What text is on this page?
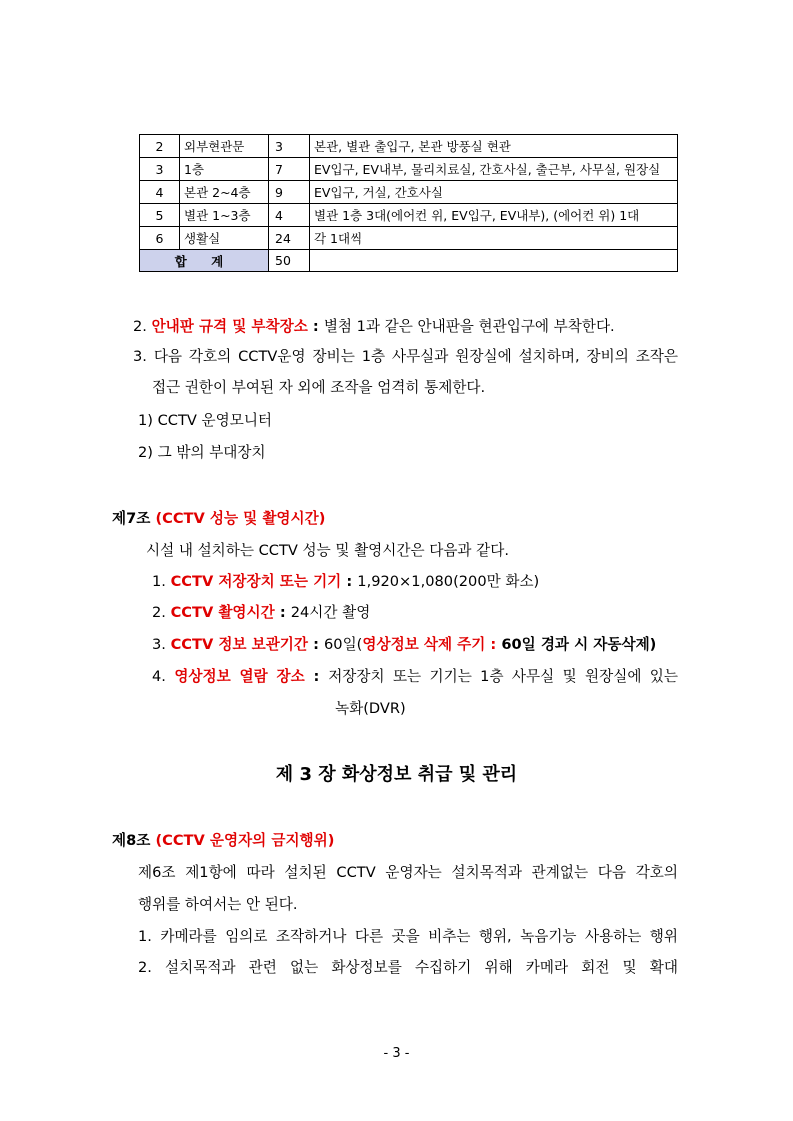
2	외부현관문	3	본관, 별관 출입구, 본관 방풍실 현관
3	1층	7	EV입구, EV내부, 물리치료실, 간호사실, 출근부, 사무실, 원장실
4	본관 2~4층	9	EV입구, 거실, 간호사실
5	별관 1~3층	4	별관 1층 3대(에어컨 위, EV입구, EV내부), (에어컨 위) 1대
6	생활실	24	각 1대씩
합 계		50	
2. 안내판 규격 및 부착장소 : 별첨 1과 같은 안내판을 현관입구에 부착한다.
3. 다음 각호의 CCTV운영 장비는 1층 사무실과 원장실에 설치하며, 장비의 조작은
접근 권한이 부여된 자 외에 조작을 엄격히 통제한다.
1) CCTV 운영모니터
2) 그 밖의 부대장치
제7조 (CCTV 성능 및 촬영시간)
시설 내 설치하는 CCTV 성능 및 촬영시간은 다음과 같다.
1. CCTV 저장장치 또는 기기 : 1,920×1,080(200만 화소)
2. CCTV 촬영시간 : 24시간 촬영
3. CCTV 정보 보관기간 : 60일(영상정보 삭제 주기 : 60일 경과 시 자동삭제)
4. 영상정보 열람 장소 : 저장장치 또는 기기는 1층 사무실 및 원장실에 있는
녹화(DVR)
제 3 장 화상정보 취급 및 관리
제8조 (CCTV 운영자의 금지행위)
제6조 제1항에 따라 설치된 CCTV 운영자는 설치목적과 관계없는 다음 각호의
행위를 하여서는 안 된다.
1. 카메라를 임의로 조작하거나 다른 곳을 비추는 행위, 녹음기능 사용하는 행위
2. 설치목적과 관련 없는 화상정보를 수집하기 위해 카메라 회전 및 확대
- 3 -
